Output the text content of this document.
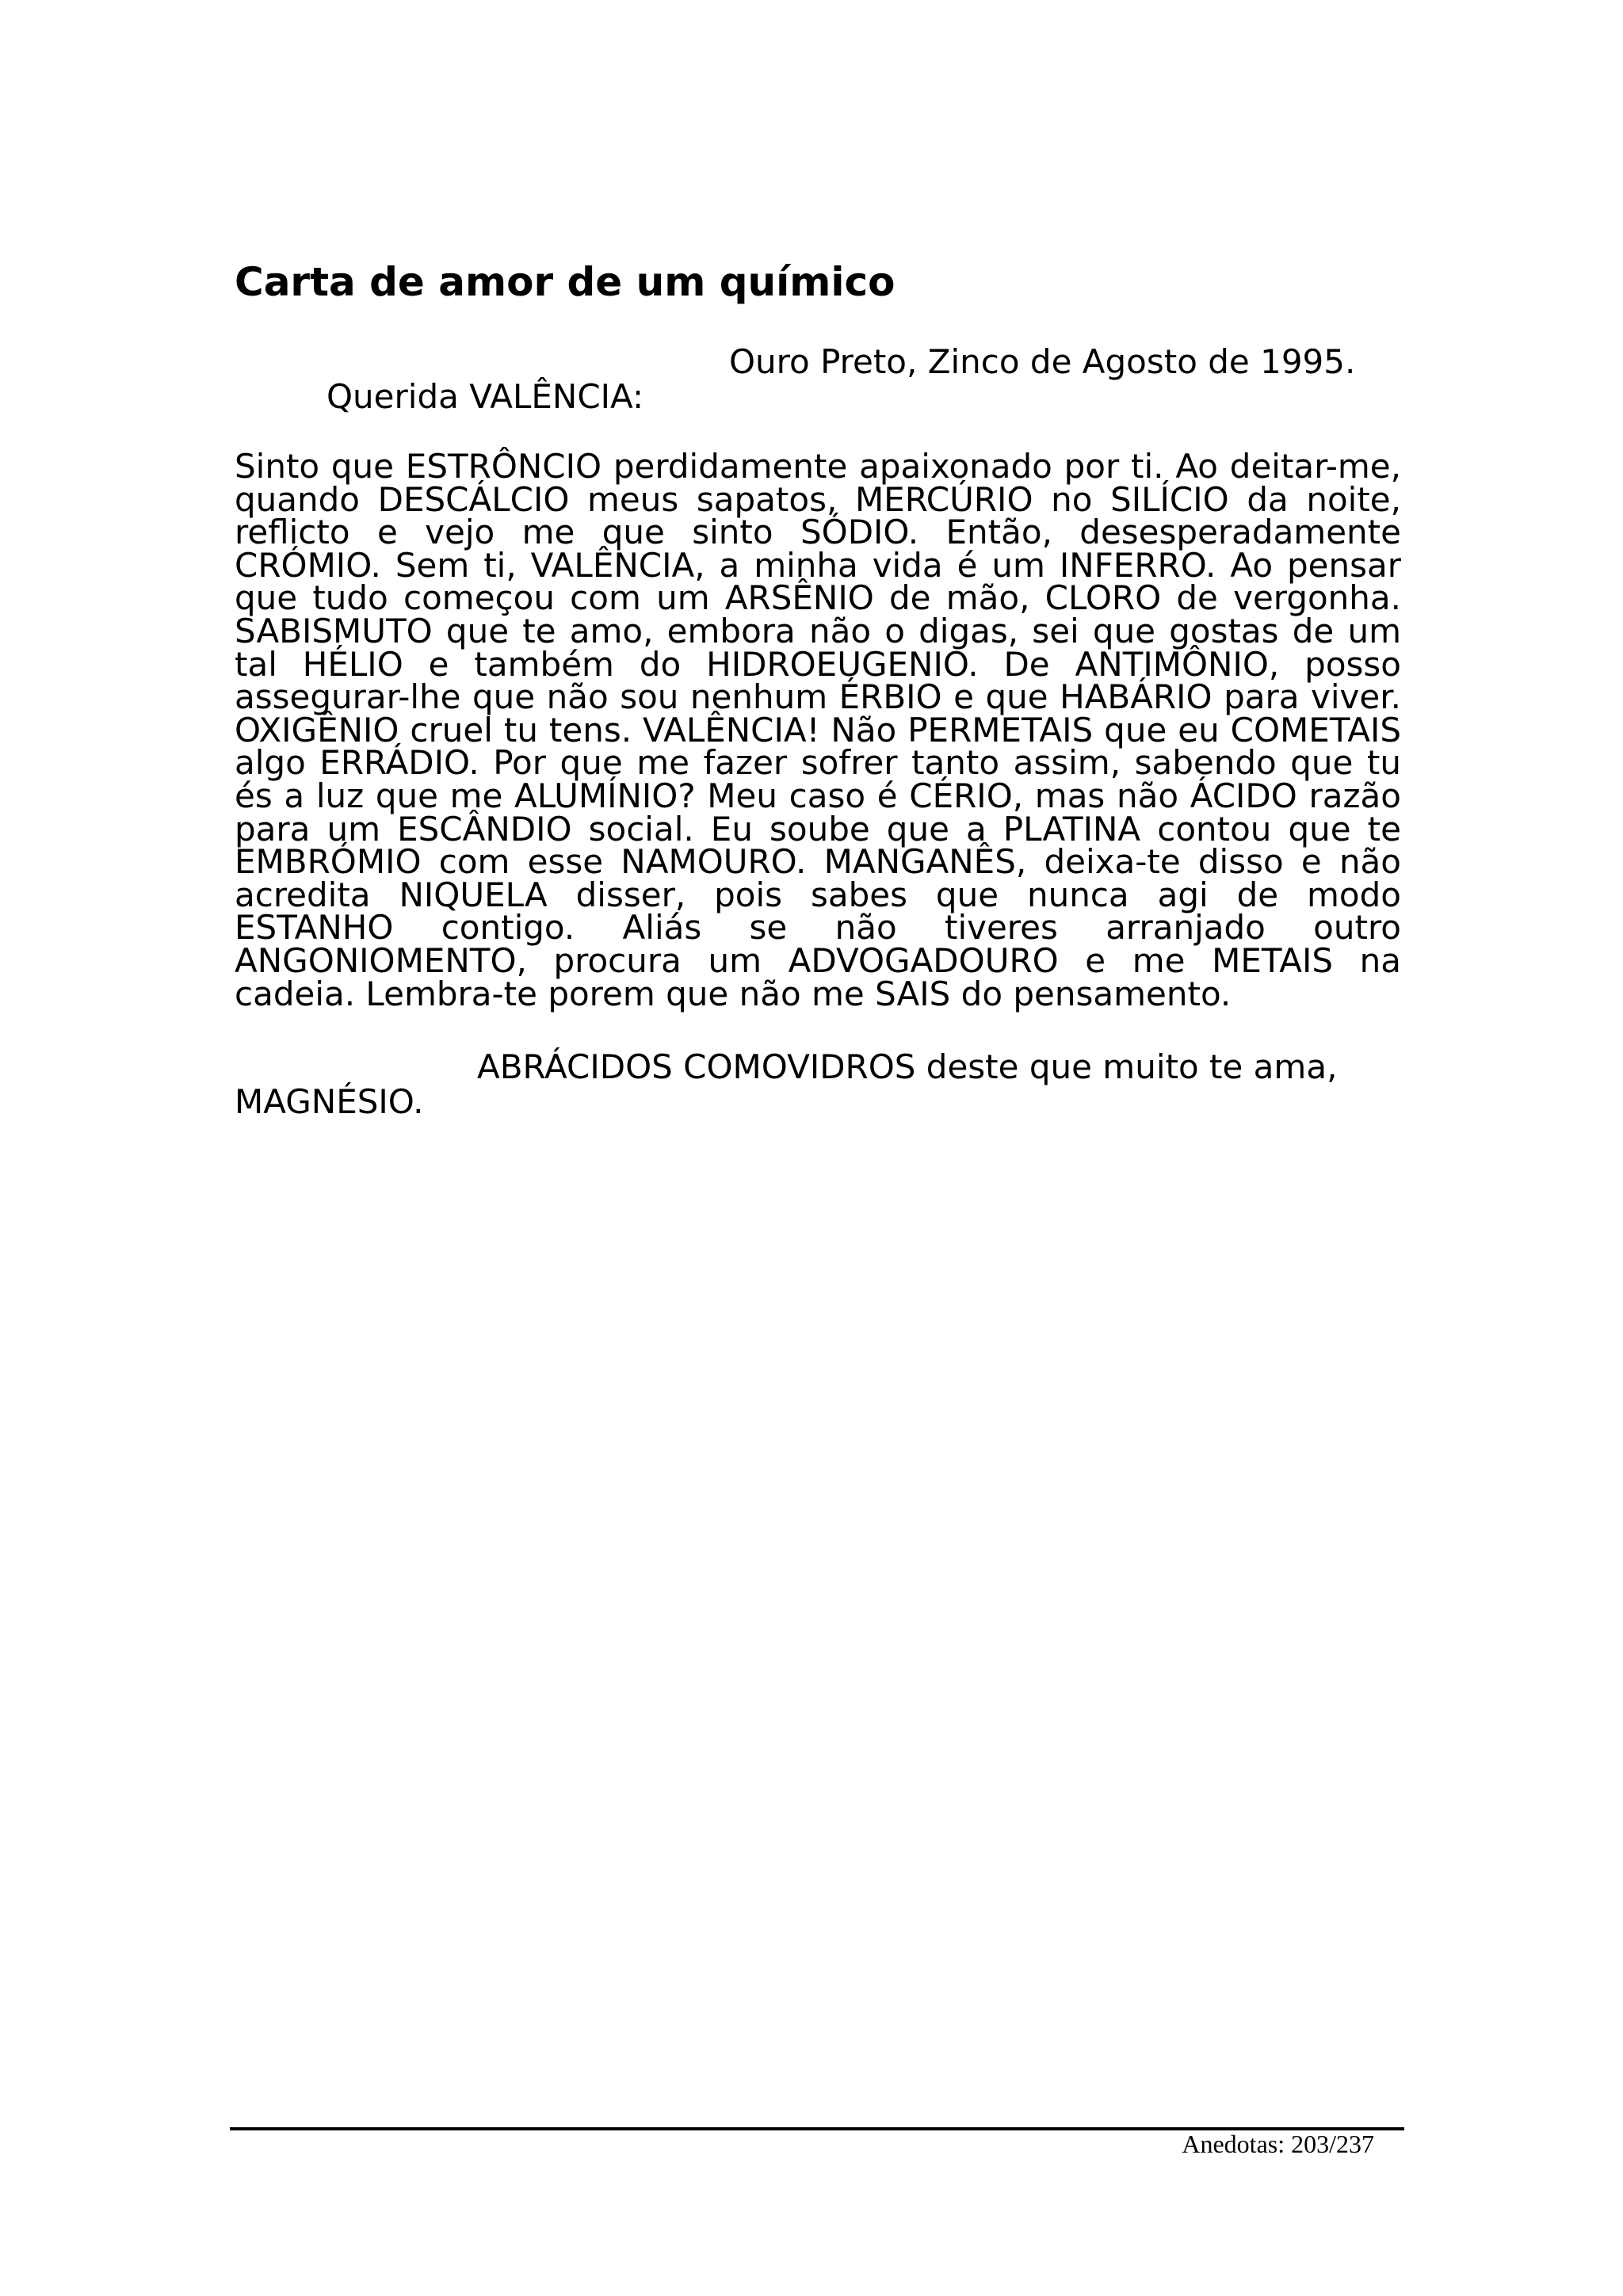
Carta de amor de um químico
Ouro Preto, Zinco de Agosto de 1995.
Querida VALÊNCIA:

Sinto que ESTRÔNCIO perdidamente apaixonado por ti. Ao deitar-me, quando DESCÁLCIO meus sapatos, MERCÚRIO no SILÍCIO da noite, reflicto e vejo me que sinto SÓDIO. Então, desesperadamente CRÓMIO. Sem ti, VALÊNCIA, a minha vida é um INFERRO. Ao pensar que tudo começou com um ARSÊNIO de mão, CLORO de vergonha. SABISMUTO que te amo, embora não o digas, sei que gostas de um tal HÉLIO e também do HIDROEUGENIO. De ANTIMÔNIO, posso assegurar-lhe que não sou nenhum ÉRBIO e que HABÁRIO para viver. OXIGÊNIO cruel tu tens. VALÊNCIA! Não PERMETAIS que eu COMETAIS algo ERRÁDIO. Por que me fazer sofrer tanto assim, sabendo que tu és a luz que me ALUMÍNIO? Meu caso é CÉRIO, mas não ÁCIDO razão para um ESCÂNDIO social. Eu soube que a PLATINA contou que te EMBRÓMIO com esse NAMOURO. MANGANÊS, deixa-te disso e não acredita NIQUELA disser, pois sabes que nunca agi de modo ESTANHO contigo. Aliás se não tiveres arranjado outro ANGONIOMENTO, procura um ADVOGADOURO e me METAIS na cadeia. Lembra-te porem que não me SAIS do pensamento.

ABRÁCIDOS COMOVIDROS deste que muito te ama,
MAGNÉSIO.
Anedotas: 203/237
